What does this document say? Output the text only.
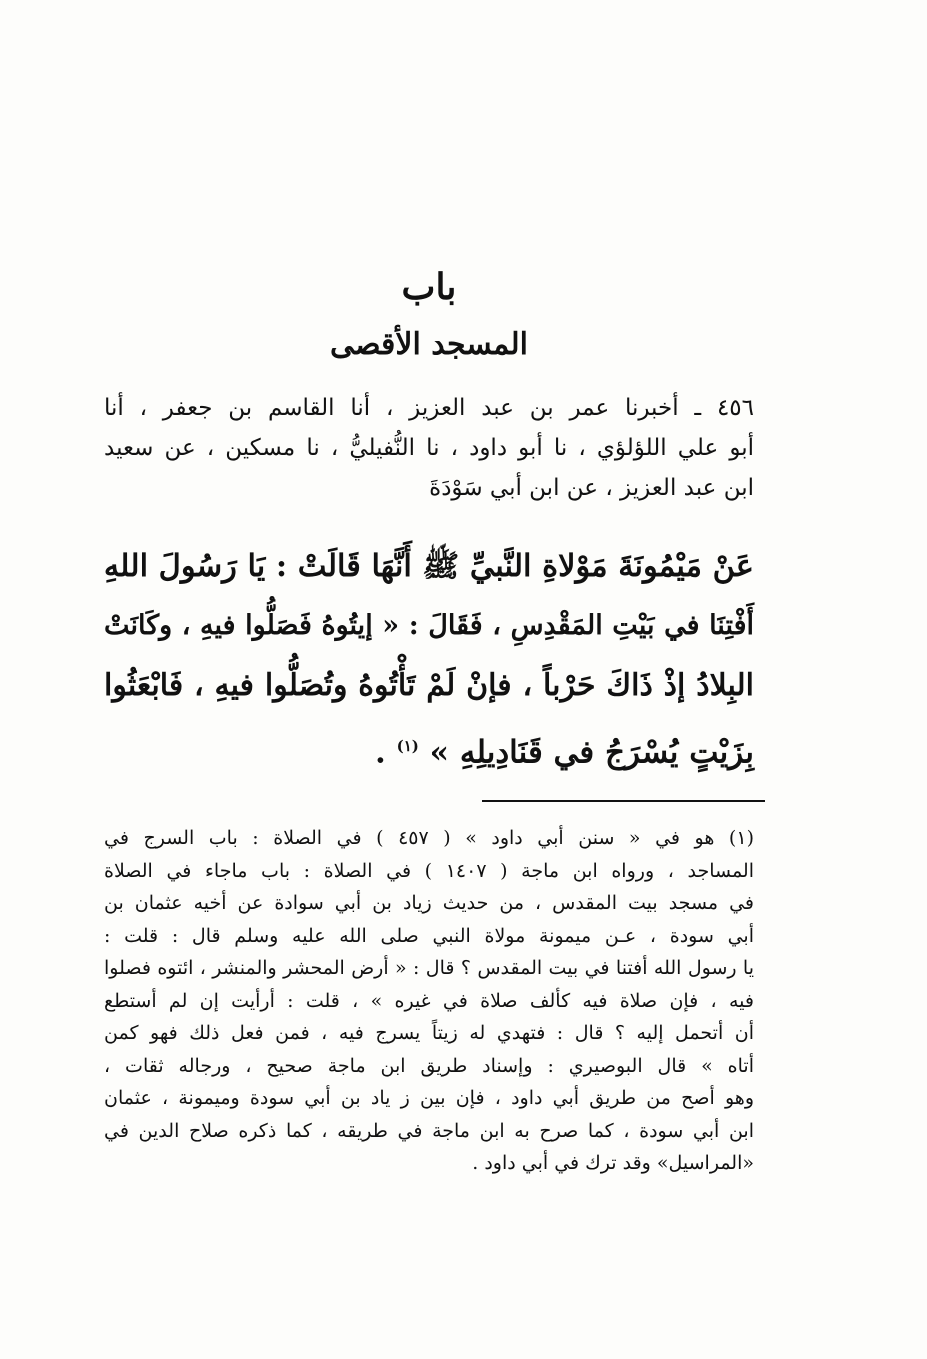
باب
المسجد الأقصى
٤٥٦ ـ أخبرنا عمر بن عبد العزيز ، أنا القاسم بن جعفر ، أنا
أبو علي اللؤلؤي ، نا أبو داود ، نا النُّفيليُّ ، نا مسكين ، عن سعيد
ابن عبد العزيز ، عن ابن أبي سَوْدَةَ
عَنْ مَيْمُونَةَ مَوْلاةِ النَّبيِّ ﷺ أَنَّهَا قَالَتْ : يَا رَسُولَ اللهِ
أَفْتِنَا في بَيْتِ المَقْدِسِ ، فَقَالَ : « إيتُوهُ فَصَلُّوا فيهِ ، وكَانَتْ
البِلادُ إذْ ذَاكَ حَرْباً ، فإنْ لَمْ تَأْتُوهُ وتُصَلُّوا فيهِ ، فَابْعَثُوا
بِزَيْتٍ يُسْرَجُ في قَنَادِيلِهِ » $^{(١)}$ .
(١) هو في « سنن أبي داود » ( ٤٥٧ ) في الصلاة : باب السرج في
المساجد ، ورواه ابن ماجة ( ١٤٠٧ ) في الصلاة : باب ماجاء في الصلاة
في مسجد بيت المقدس ، من حديث زياد بن أبي سوادة عن أخيه عثمان بن
أبي سودة ، عـن ميمونة مولاة النبي صلى الله عليه وسلم قال : قلت :
يا رسول الله أفتنا في بيت المقدس ؟ قال : « أرض المحشر والمنشر ، ائتوه فصلوا
فيه ، فإن صلاة فيه كألف صلاة في غيره » ، قلت : أرأيت إن لم أستطع
أن أتحمل إليه ؟ قال : فتهدي له زيتاً يسرج فيه ، فمن فعل ذلك فهو كمن
أتاه » قال البوصيري : وإسناد طريق ابن ماجة صحيح ، ورجاله ثقات ،
وهو أصح من طريق أبي داود ، فإن بين ز ياد بن أبي سودة وميمونة ، عثمان
ابن أبي سودة ، كما صرح به ابن ماجة في طريقه ، كما ذكره صلاح الدين في
«المراسيل» وقد ترك في أبي داود .
